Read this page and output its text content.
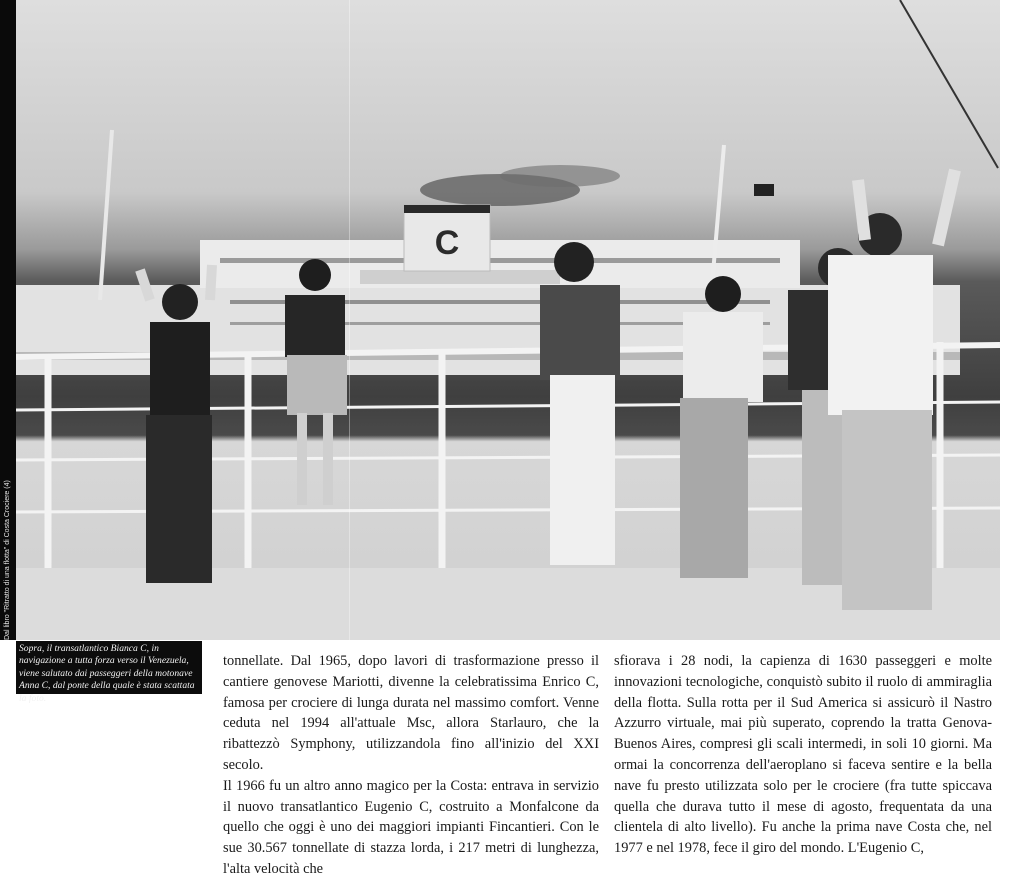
C
Dal libro "Ritratto di una flotta" di Costa Crociere (4)
Sopra, il transatlantico Bianca C, in navigazione a tutta forza verso il Venezuela, viene salutato dai passeggeri della motonave Anna C, dal ponte della quale è stata scattata la foto.

tonnellate. Dal 1965, dopo lavori di trasformazione presso il cantiere genovese Mariotti, divenne la celebratissima Enrico C, famosa per crociere di lunga durata nel massimo comfort. Venne ceduta nel 1994 all'attuale Msc, allora Starlauro, che la ribattezzò Symphony, utilizzandola fino all'inizio del XXI secolo.

Il 1966 fu un altro anno magico per la Costa: entrava in servizio il nuovo transatlantico Eugenio C, costruito a Monfalcone da quello che oggi è uno dei maggiori impianti Fincantieri. Con le sue 30.567 tonnellate di stazza lorda, i 217 metri di lunghezza, l'alta velocità che

sfiorava i 28 nodi, la capienza di 1630 passeggeri e molte innovazioni tecnologiche, conquistò subito il ruolo di ammiraglia della flotta. Sulla rotta per il Sud America si assicurò il Nastro Azzurro virtuale, mai più superato, coprendo la tratta Genova-Buenos Aires, compresi gli scali intermedi, in soli 10 giorni. Ma ormai la concorrenza dell'aeroplano si faceva sentire e la bella nave fu presto utilizzata solo per le crociere (fra tutte spiccava quella che durava tutto il mese di agosto, frequentata da una clientela di alto livello). Fu anche la prima nave Costa che, nel 1977 e nel 1978, fece il giro del mondo. L'Eugenio C,
